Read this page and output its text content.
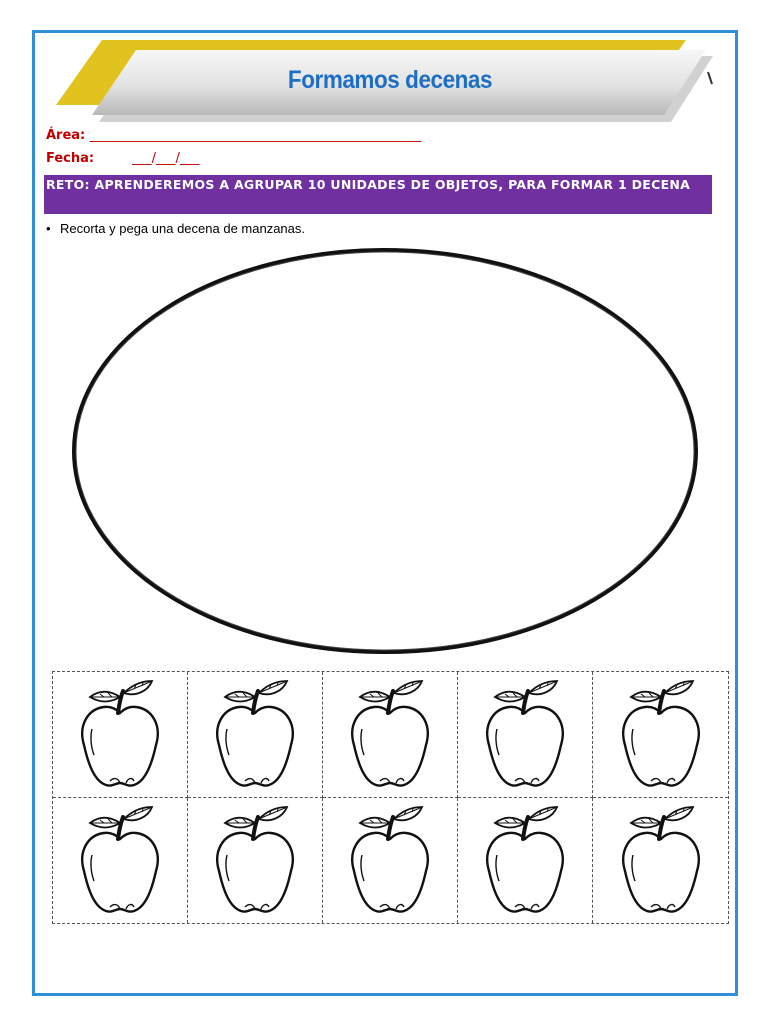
Formamos decenas
Área: ___________________________________________________
Fecha:	___/___/___
RETO: APRENDEREMOS A AGRUPAR 10 UNIDADES DE OBJETOS, PARA FORMAR 1 DECENA
• Recorta y pega una decena de manzanas.
